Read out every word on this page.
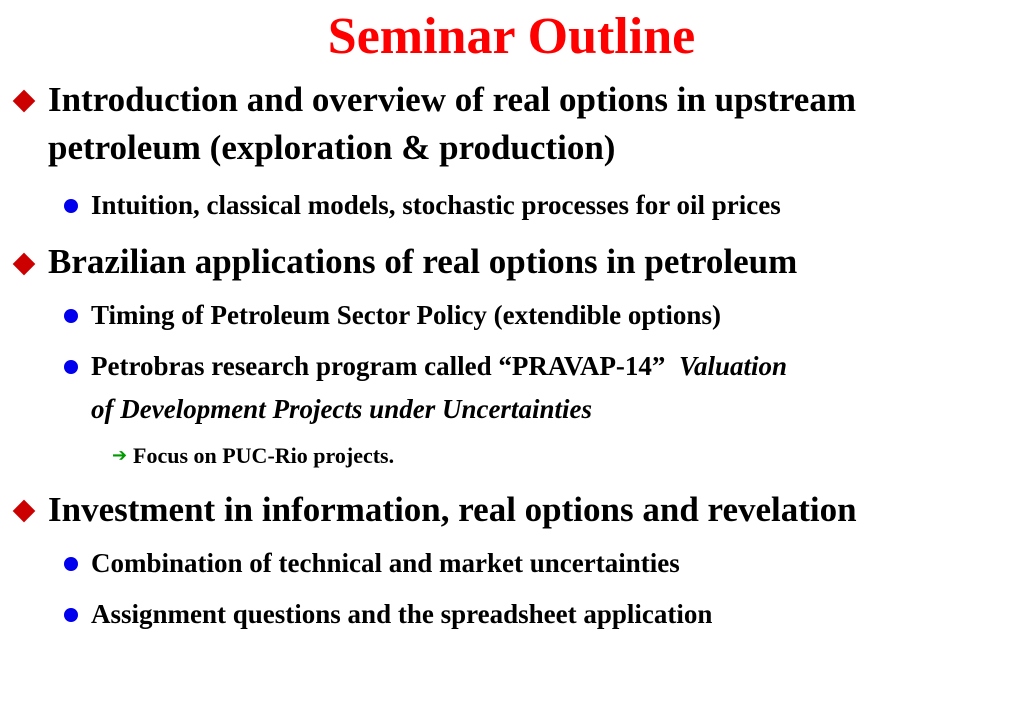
Seminar Outline

Introduction and overview of real options in upstream

petroleum (exploration & production)

Intuition, classical models, stochastic processes for oil prices

Brazilian applications of real options in petroleum

Timing of Petroleum Sector Policy (extendible options)

Petrobras research program called “PRAVAP-14” Valuation

of Development Projects under Uncertainties

➔ Focus on PUC-Rio projects.

Investment in information, real options and revelation

Combination of technical and market uncertainties

Assignment questions and the spreadsheet application
